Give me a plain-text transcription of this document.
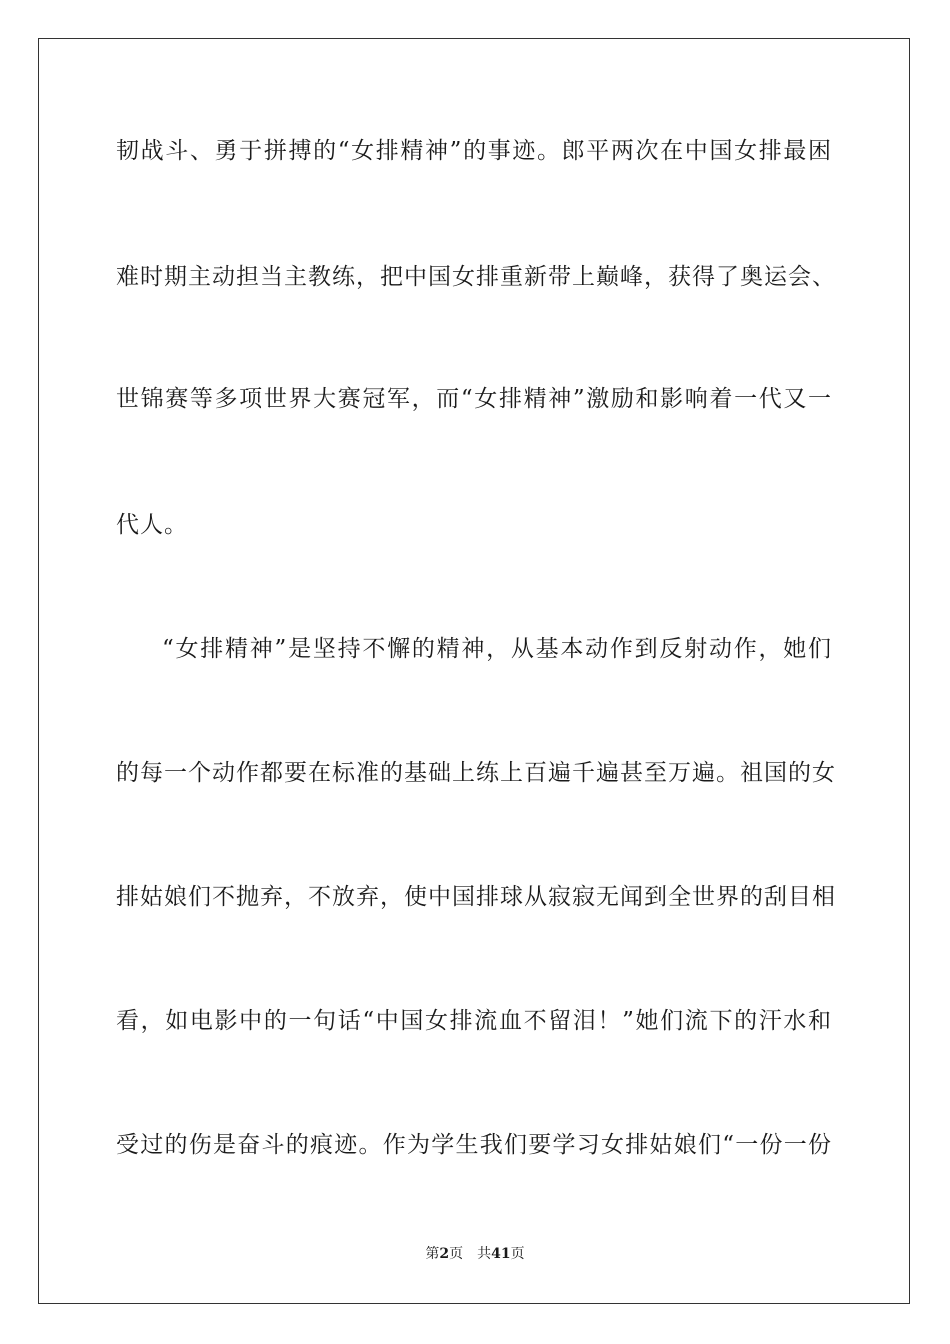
韧战斗、勇于拼搏的“女排精神”的事迹。郎平两次在中国女排最困
难时期主动担当主教练，把中国女排重新带上巅峰，获得了奥运会、
世锦赛等多项世界大赛冠军，而“女排精神”激励和影响着一代又一
代人。
“女排精神”是坚持不懈的精神，从基本动作到反射动作，她们
的每一个动作都要在标准的基础上练上百遍千遍甚至万遍。祖国的女
排姑娘们不抛弃，不放弃，使中国排球从寂寂无闻到全世界的刮目相
看，如电影中的一句话“中国女排流血不留泪！”她们流下的汗水和
受过的伤是奋斗的痕迹。作为学生我们要学习女排姑娘们“一份一份
第2页 共41页
